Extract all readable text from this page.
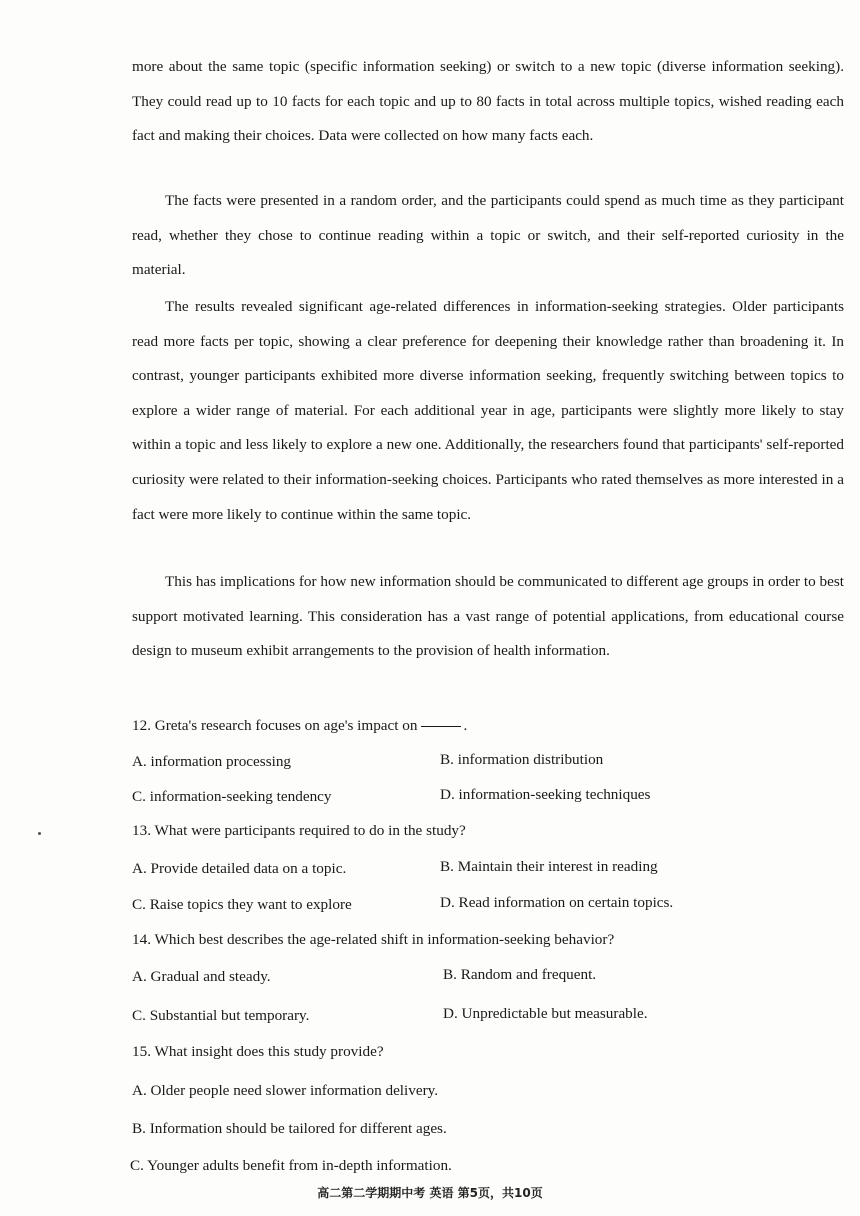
more about the same topic (specific information seeking) or switch to a new topic (diverse information seeking). They could read up to 10 facts for each topic and up to 80 facts in total across multiple topics, wished reading each fact and making their choices. Data were collected on how many facts each.

The facts were presented in a random order, and the participants could spend as much time as they participant read, whether they chose to continue reading within a topic or switch, and their self-reported curiosity in the material.

The results revealed significant age-related differences in information-seeking strategies. Older participants read more facts per topic, showing a clear preference for deepening their knowledge rather than broadening it. In contrast, younger participants exhibited more diverse information seeking, frequently switching between topics to explore a wider range of material. For each additional year in age, participants were slightly more likely to stay within a topic and less likely to explore a new one. Additionally, the researchers found that participants' self-reported curiosity were related to their information-seeking choices. Participants who rated themselves as more interested in a fact were more likely to continue within the same topic.

This has implications for how new information should be communicated to different age groups in order to best support motivated learning. This consideration has a vast range of potential applications, from educational course design to museum exhibit arrangements to the provision of health information.

12. Greta's research focuses on age's impact on	.

A. information processing	B. information distribution

C. information-seeking tendency	D. information-seeking techniques

13. What were participants required to do in the study?

A. Provide detailed data on a topic.	B. Maintain their interest in reading

C. Raise topics they want to explore	D. Read information on certain topics.

14. Which best describes the age-related shift in information-seeking behavior?

A. Gradual and steady.	B. Random and frequent.

C. Substantial but temporary.	D. Unpredictable but measurable.

15. What insight does this study provide?

A. Older people need slower information delivery.

B. Information should be tailored for different ages.

C. Younger adults benefit from in-depth information.

高二第二学期期中考 英语 第5页，共10页
